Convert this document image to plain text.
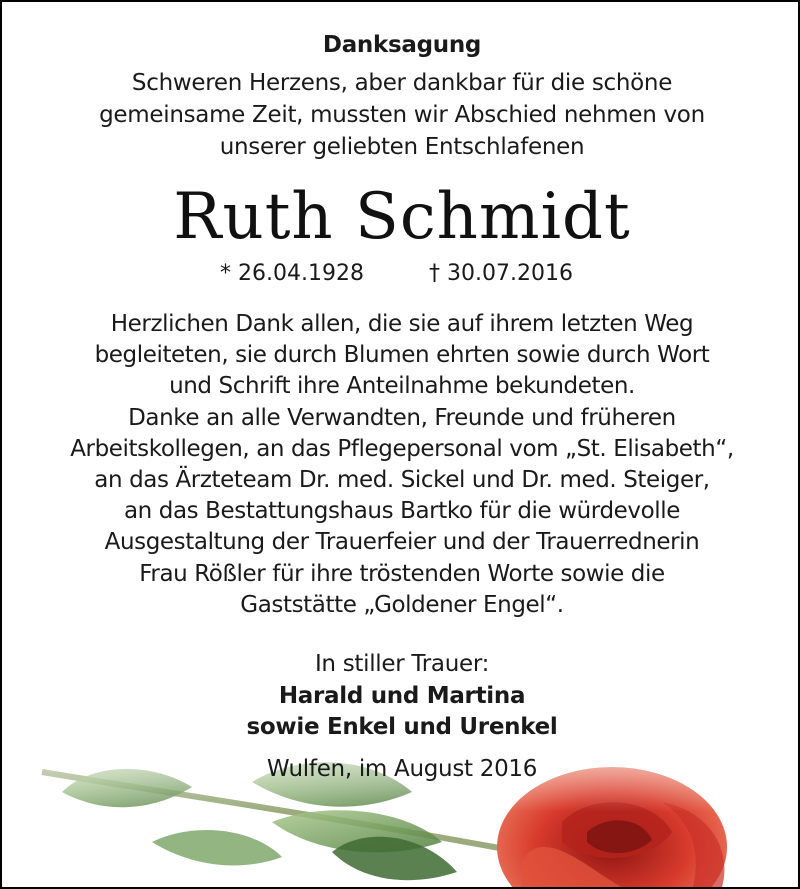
Danksagung
Schweren Herzens, aber dankbar für die schöne
gemeinsame Zeit, mussten wir Abschied nehmen von
unserer geliebten Entschlafenen
Ruth Schmidt
* 26.04.1928	† 30.07.2016
Herzlichen Dank allen, die sie auf ihrem letzten Weg
begleiteten, sie durch Blumen ehrten sowie durch Wort
und Schrift ihre Anteilnahme bekundeten.
Danke an alle Verwandten, Freunde und früheren
Arbeitskollegen, an das Pflegepersonal vom „St. Elisabeth“,
an das Ärzteteam Dr. med. Sickel und Dr. med. Steiger,
an das Bestattungshaus Bartko für die würdevolle
Ausgestaltung der Trauerfeier und der Trauerrednerin
Frau Rößler für ihre tröstenden Worte sowie die
Gaststätte „Goldener Engel“.
In stiller Trauer:
Harald und Martina
sowie Enkel und Urenkel
Wulfen, im August 2016
